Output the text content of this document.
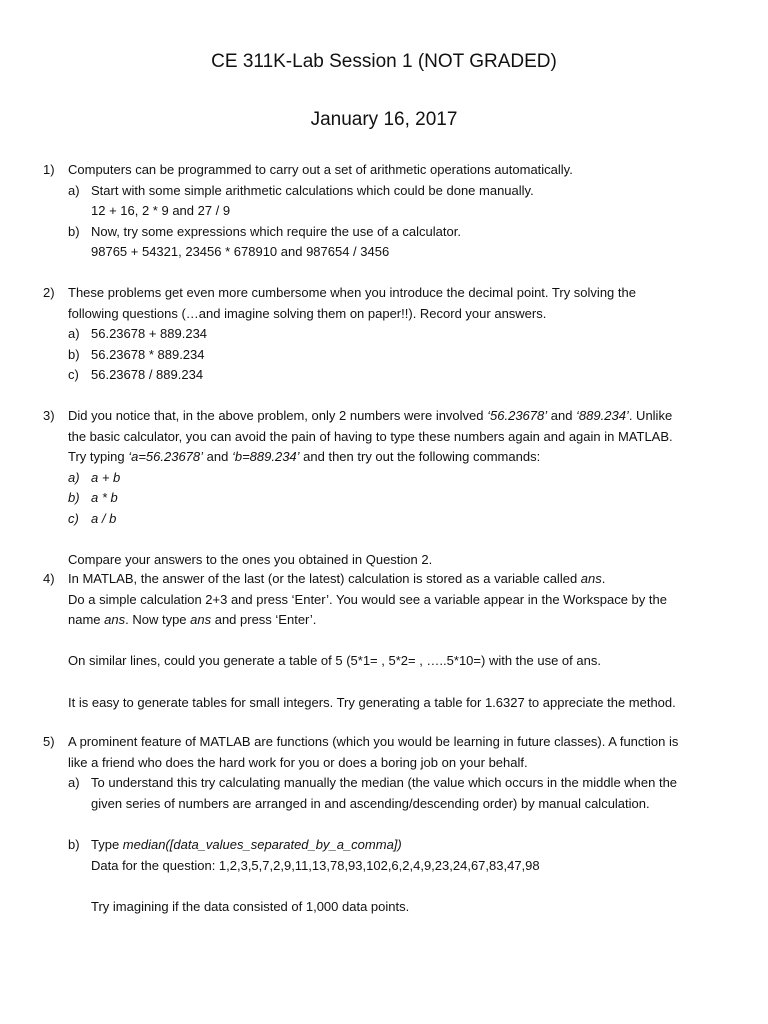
CE 311K-Lab Session 1 (NOT GRADED)
January 16, 2017
1)	Computers can be programmed to carry out a set of arithmetic operations automatically.
a) Start with some simple arithmetic calculations which could be done manually.
12 + 16, 2 * 9 and 27 / 9
b) Now, try some expressions which require the use of a calculator.
98765 + 54321, 23456 * 678910 and 987654 / 3456
2)	These problems get even more cumbersome when you introduce the decimal point. Try solving the
following questions (…and imagine solving them on paper!!). Record your answers.
a) 56.23678 + 889.234
b) 56.23678 * 889.234
c) 56.23678 / 889.234
3)	Did you notice that, in the above problem, only 2 numbers were involved ‘56.23678’ and ‘889.234’. Unlike
the basic calculator, you can avoid the pain of having to type these numbers again and again in MATLAB.
Try typing ‘a=56.23678’ and ‘b=889.234’ and then try out the following commands:
a) a + b
b) a * b
c) a / b
Compare your answers to the ones you obtained in Question 2.
4)	In MATLAB, the answer of the last (or the latest) calculation is stored as a variable called ans.
Do a simple calculation 2+3 and press ‘Enter’. You would see a variable appear in the Workspace by the
name ans. Now type ans and press ‘Enter’.
On similar lines, could you generate a table of 5 (5*1= , 5*2= , …..5*10=) with the use of ans.
It is easy to generate tables for small integers. Try generating a table for 1.6327 to appreciate the method.
5)	A prominent feature of MATLAB are functions (which you would be learning in future classes). A function is
like a friend who does the hard work for you or does a boring job on your behalf.
a) To understand this try calculating manually the median (the value which occurs in the middle when the
given series of numbers are arranged in and ascending/descending order) by manual calculation.
b) Type median([data_values_separated_by_a_comma])
Data for the question: 1,2,3,5,7,2,9,11,13,78,93,102,6,2,4,9,23,24,67,83,47,98
Try imagining if the data consisted of 1,000 data points.
